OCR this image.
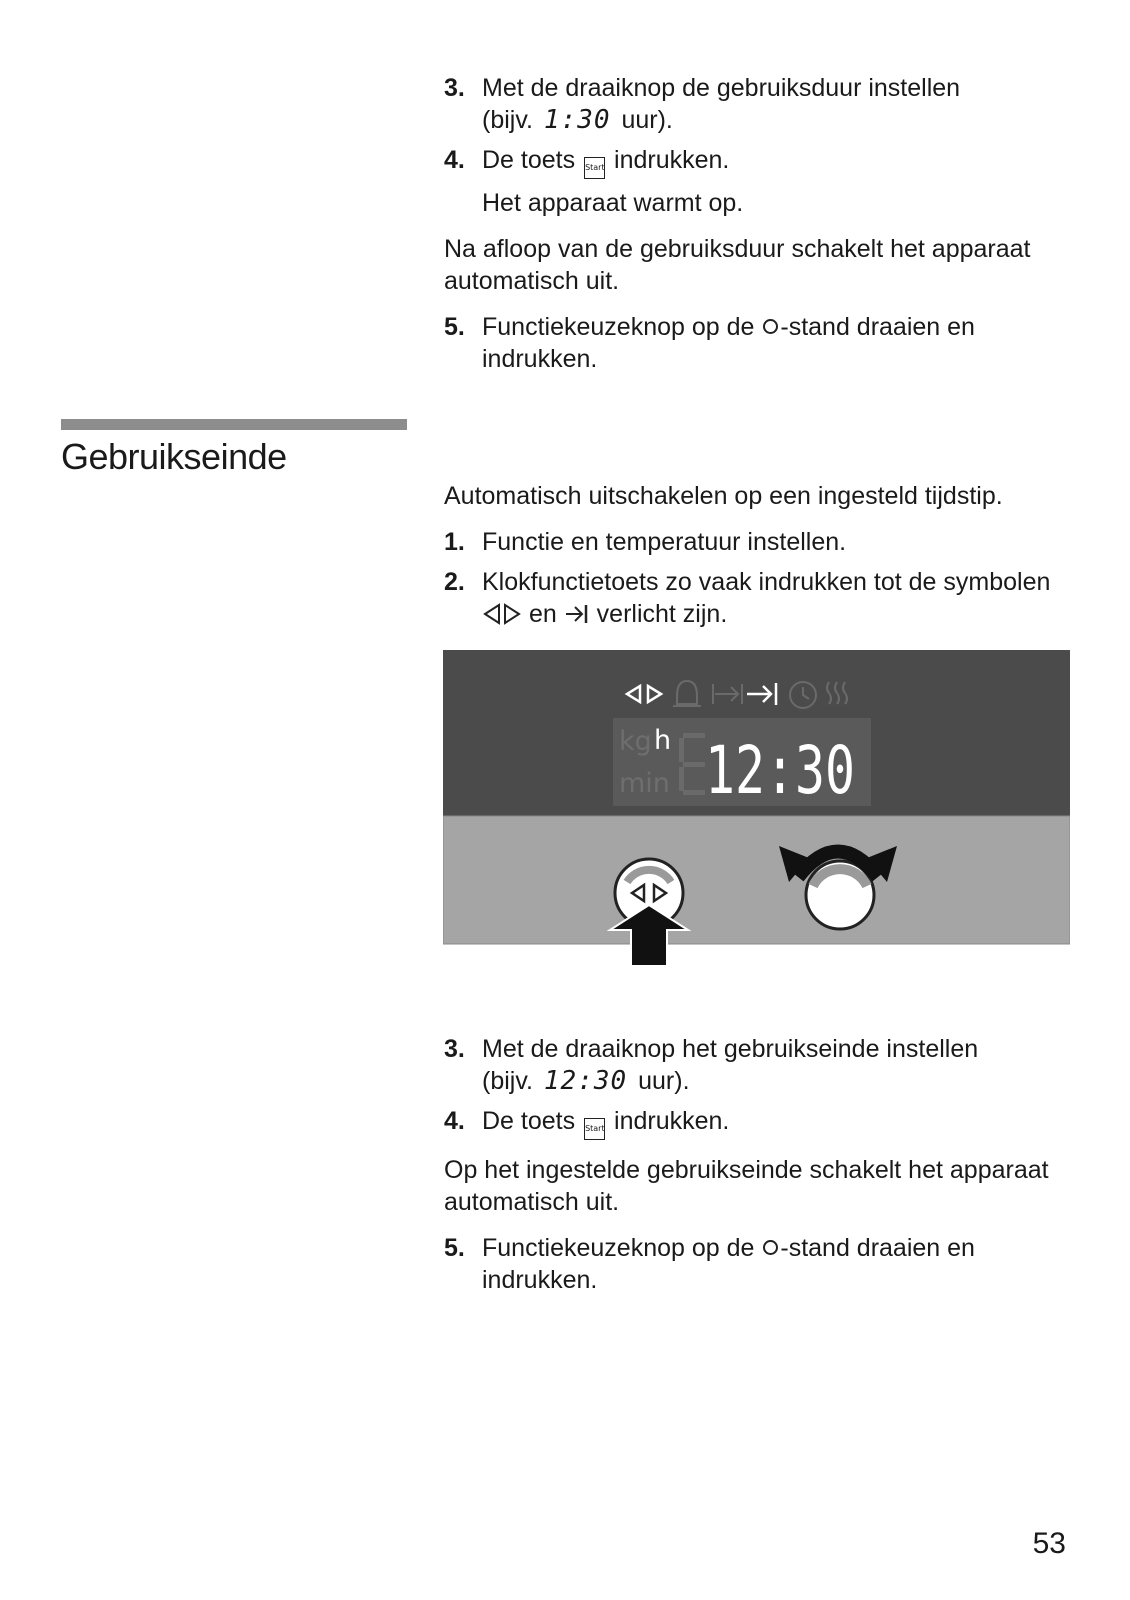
3. Met de draaiknop de gebruiksduur instellen
(bijv. 1:30 uur).
4. De toets Start indrukken.
Het apparaat warmt op.

Na afloop van de gebruiksduur schakelt het apparaat automatisch uit.

5. Functiekeuzeknop op de -stand draaien en indrukken.
Gebruikseinde

Automatisch uitschakelen op een ingesteld tijdstip.

1. Functie en temperatuur instellen.
2. Klokfunctietoets zo vaak indrukken tot de symbolen  en verlicht zijn.
kg h
min 12:30
3. Met de draaiknop het gebruikseinde instellen
(bijv. 12:30 uur).
4. De toets Start indrukken.

Op het ingestelde gebruikseinde schakelt het apparaat automatisch uit.

5. Functiekeuzeknop op de -stand draaien en indrukken.
53
